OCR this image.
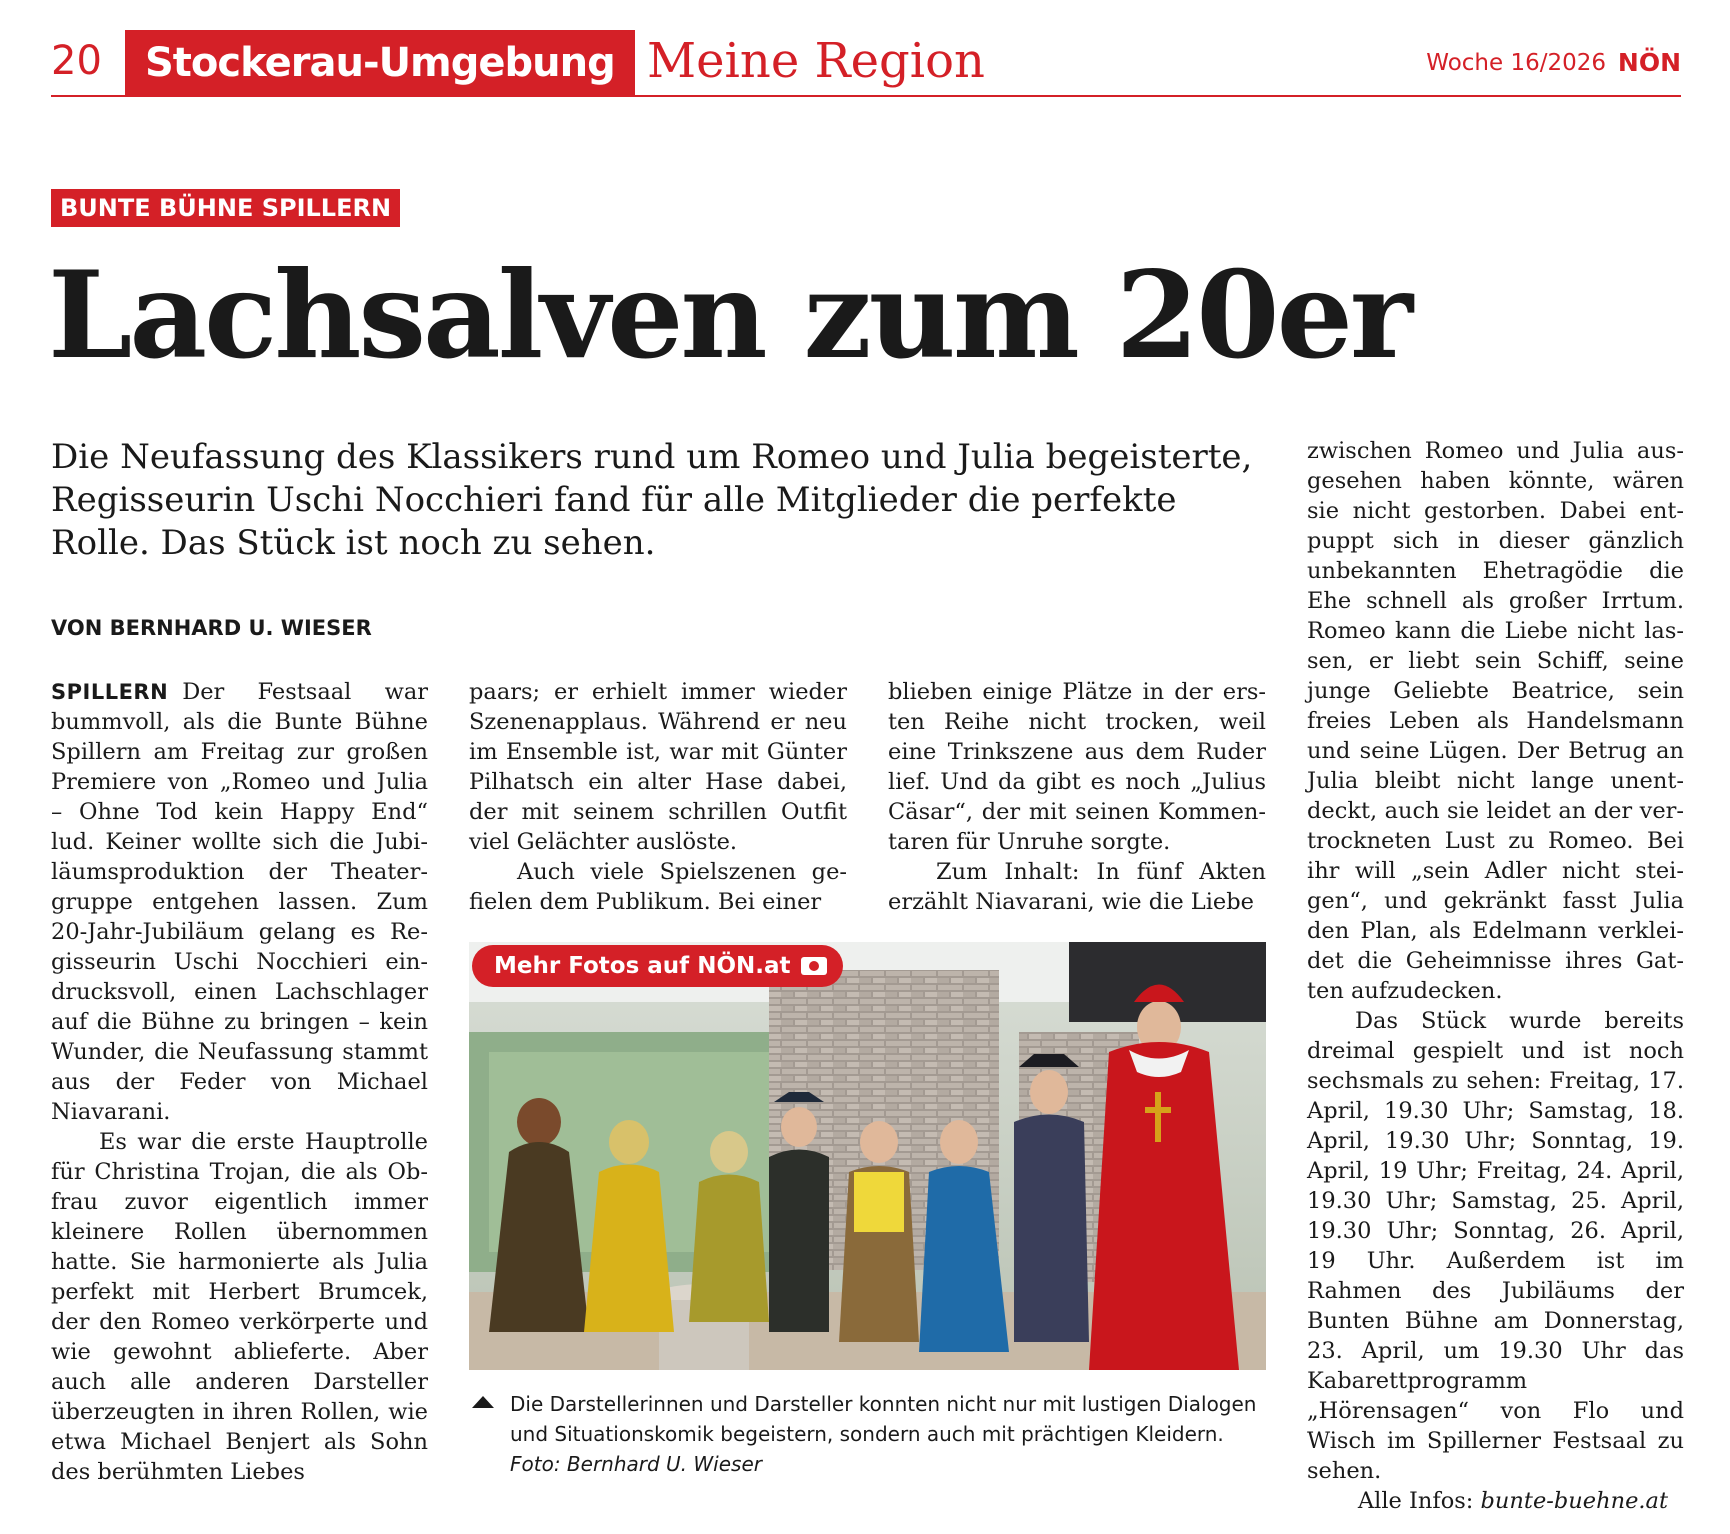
20	Stockerau-Umgebung Meine Region	Woche 16/2026 NÖN
BUNTE BÜHNE SPILLERN
Lachsalven zum 20er

Die Neufassung des Klassikers rund um Romeo und Julia begeisterte, Regisseurin Uschi Nocchieri fand für alle Mitglieder die perfekte Rolle. Das Stück ist noch zu sehen.

VON BERNHARD U. WIESER

SPILLERN Der Festsaal war bummvoll, als die Bunte Bühne Spillern am Freitag zur großen Premiere von „Romeo und Julia – Ohne Tod kein Happy End“ lud. Keiner wollte sich die Jubiläumsproduktion der Theatergruppe entgehen lassen. Zum 20-Jahr-Jubiläum gelang es Regisseurin Uschi Nocchieri eindrucksvoll, einen Lachschlager auf die Bühne zu bringen – kein Wunder, die Neufassung stammt aus der Feder von Michael Niavarani.

Es war die erste Hauptrolle für Christina Trojan, die als Obfrau zuvor eigentlich immer kleinere Rollen übernommen hatte. Sie harmonierte als Julia perfekt mit Herbert Brumcek, der den Romeo verkörperte und wie gewohnt ablieferte. Aber auch alle anderen Darsteller überzeugten in ihren Rollen, wie etwa Michael Benjert als Sohn des berühmten Liebes

paars; er erhielt immer wieder Szenenapplaus. Während er neu im Ensemble ist, war mit Günter Pilhatsch ein alter Hase dabei, der mit seinem schrillen Outfit viel Gelächter auslöste.

Auch viele Spielszenen gefielen dem Publikum. Bei einer

blieben einige Plätze in der ersten Reihe nicht trocken, weil eine Trinkszene aus dem Ruder lief. Und da gibt es noch „Julius Cäsar“, der mit seinen Kommentaren für Unruhe sorgte.

Zum Inhalt: In fünf Akten erzählt Niavarani, wie die Liebe

zwischen Romeo und Julia ausgesehen haben könnte, wären sie nicht gestorben. Dabei entpuppt sich in dieser gänzlich unbekannten Ehetragödie die Ehe schnell als großer Irrtum. Romeo kann die Liebe nicht lassen, er liebt sein Schiff, seine junge Geliebte Beatrice, sein freies Leben als Handelsmann und seine Lügen. Der Betrug an Julia bleibt nicht lange unentdeckt, auch sie leidet an der vertrockneten Lust zu Romeo. Bei ihr will „sein Adler nicht steigen“, und gekränkt fasst Julia den Plan, als Edelmann verkleidet die Geheimnisse ihres Gatten aufzudecken.

Das Stück wurde bereits dreimal gespielt und ist noch sechsmals zu sehen: Freitag, 17. April, 19.30 Uhr; Samstag, 18. April, 19.30 Uhr; Sonntag, 19. April, 19 Uhr; Freitag, 24. April, 19.30 Uhr; Samstag, 25. April, 19.30 Uhr; Sonntag, 26. April, 19 Uhr. Außerdem ist im Rahmen des Jubiläums der Bunten Bühne am Donnerstag, 23. April, um 19.30 Uhr das Kabarettprogramm „Hörensagen“ von Flo und Wisch im Spillerner Festsaal zu sehen.

Alle Infos: bunte-buehne.at

Mehr Fotos auf NÖN.at
Die Darstellerinnen und Darsteller konnten nicht nur mit lustigen Dialogen und Situationskomik begeistern, sondern auch mit prächtigen Kleidern.
Foto: Bernhard U. Wieser
